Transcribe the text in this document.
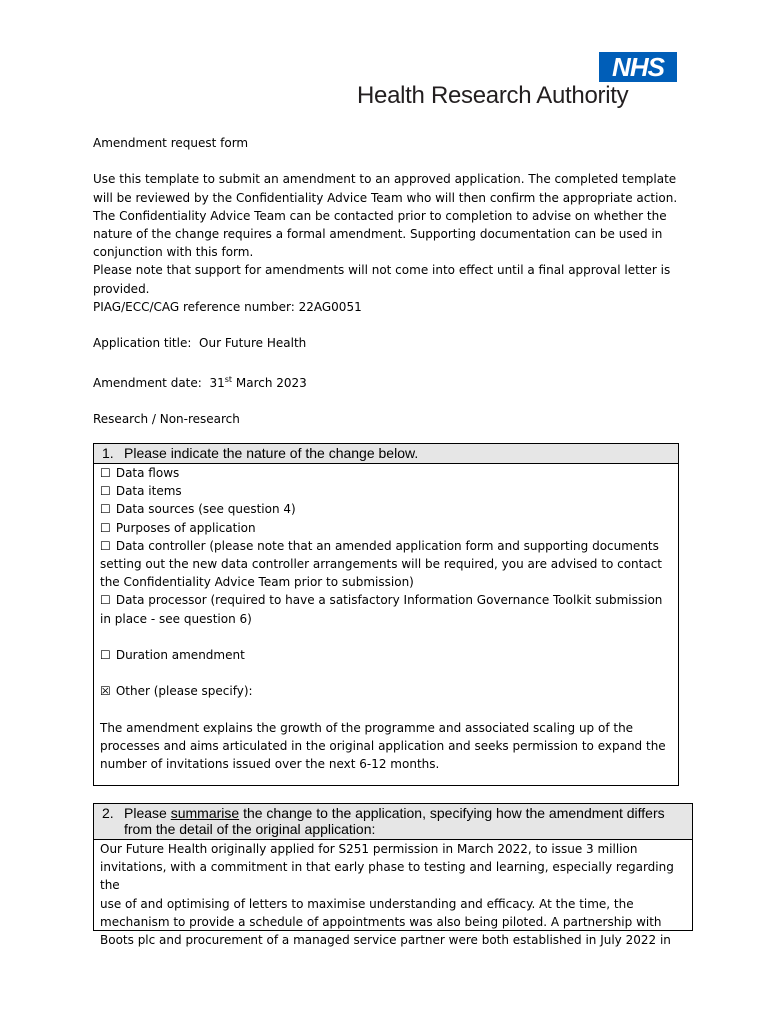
NHS
Health Research Authority

Amendment request form

Use this template to submit an amendment to an approved application. The completed template

will be reviewed by the Confidentiality Advice Team who will then confirm the appropriate action.

The Confidentiality Advice Team can be contacted prior to completion to advise on whether the

nature of the change requires a formal amendment. Supporting documentation can be used in

conjunction with this form.

Please note that support for amendments will not come into effect until a final approval letter is

provided.

PIAG/ECC/CAG reference number: 22AG0051

Application title: Our Future Health

Amendment date: 31st March 2023

Research / Non-research

1. Please indicate the nature of the change below.

☐ Data flows

☐ Data items

☐ Data sources (see question 4)

☐ Purposes of application

☐ Data controller (please note that an amended application form and supporting documents

setting out the new data controller arrangements will be required, you are advised to contact

the Confidentiality Advice Team prior to submission)

☐ Data processor (required to have a satisfactory Information Governance Toolkit submission

in place - see question 6)

☐ Duration amendment

☒ Other (please specify):

The amendment explains the growth of the programme and associated scaling up of the

processes and aims articulated in the original application and seeks permission to expand the

number of invitations issued over the next 6-12 months.

2. Please summarise the change to the application, specifying how the amendment differs
from the detail of the original application:

Our Future Health originally applied for S251 permission in March 2022, to issue 3 million

invitations, with a commitment in that early phase to testing and learning, especially regarding the

use of and optimising of letters to maximise understanding and efficacy. At the time, the

mechanism to provide a schedule of appointments was also being piloted. A partnership with

Boots plc and procurement of a managed service partner were both established in July 2022 in
